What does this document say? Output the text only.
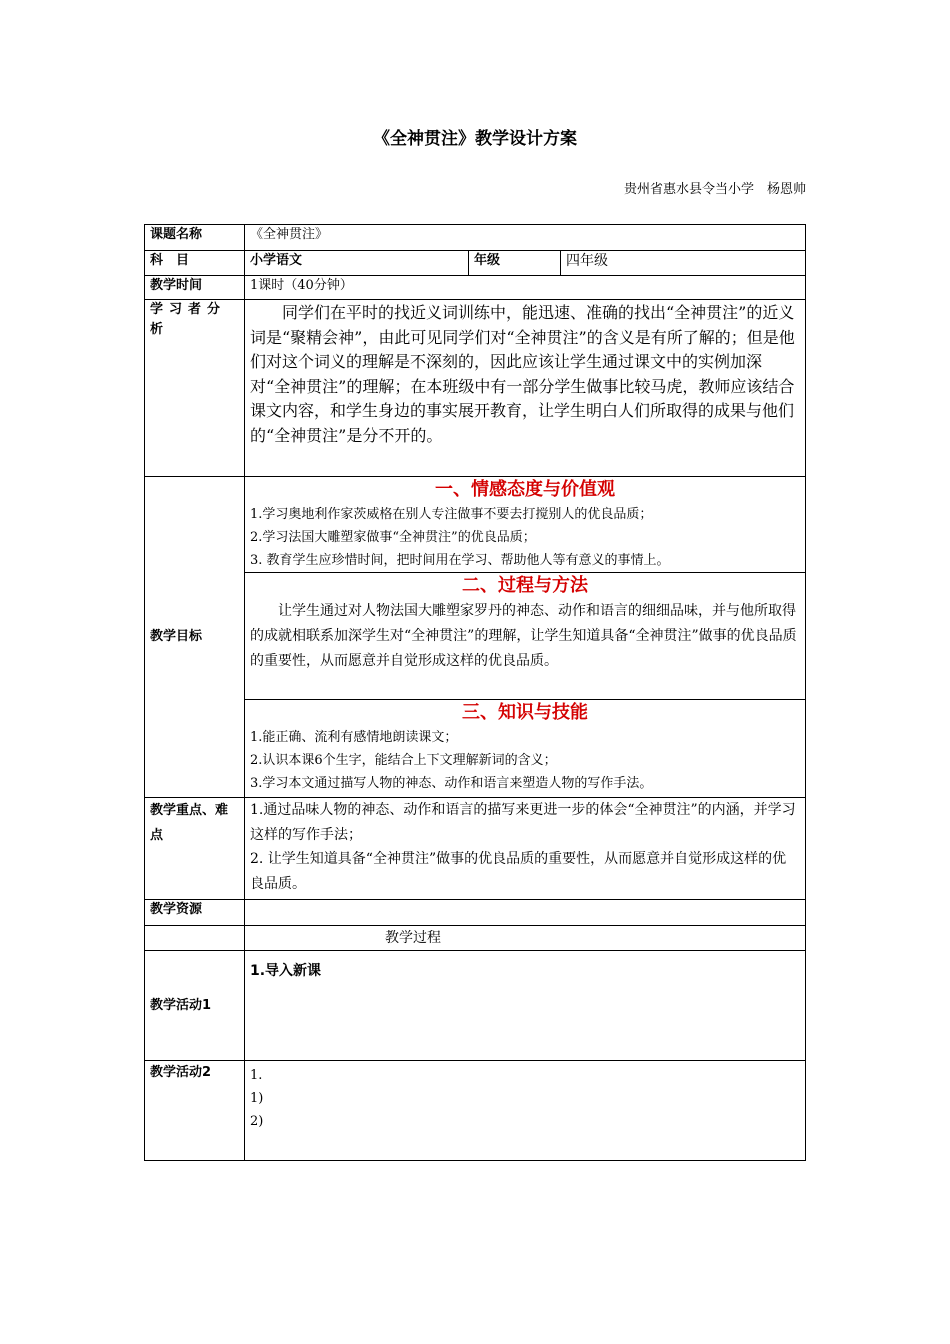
《全神贯注》教学设计方案
贵州省惠水县令当小学　杨恩帅
课题名称	《全神贯注》		
科　目	小学语文	年级	四年级
教学时间	1课时（40分钟）		
学习者分析	同学们在平时的找近义词训练中，能迅速、准确的找出“全神贯注”的近义词是“聚精会神”，由此可见同学们对“全神贯注”的含义是有所了解的；但是他们对这个词义的理解是不深刻的，因此应该让学生通过课文中的实例加深对“全神贯注”的理解；在本班级中有一部分学生做事比较马虎，教师应该结合课文内容，和学生身边的事实展开教育，让学生明白人们所取得的成果与他们的“全神贯注”是分不开的。		

教学目标	一、情感态度与价值观
1.学习奥地利作家茨威格在别人专注做事不要去打搅别人的优良品质；
2.学习法国大雕塑家做事“全神贯注”的优良品质；
3. 教育学生应珍惜时间，把时间用在学习、帮助他人等有意义的事情上。		

	二、过程与方法
让学生通过对人物法国大雕塑家罗丹的神态、动作和语言的细细品味，并与他所取得的成就相联系加深学生对“全神贯注”的理解，让学生知道具备“全神贯注”做事的优良品质的重要性，从而愿意并自觉形成这样的优良品质。		

	三、知识与技能
1.能正确、流利有感情地朗读课文；
2.认识本课6个生字，能结合上下文理解新词的含义；
3.学习本文通过描写人物的神态、动作和语言来塑造人物的写作手法。		

教学重点、难点	1.通过品味人物的神态、动作和语言的描写来更进一步的体会“全神贯注”的内涵，并学习这样的写作手法；
2. 让学生知道具备“全神贯注”做事的优良品质的重要性，从而愿意并自觉形成这样的优良品质。		

教学资源			
	教学过程		
教学活动1	1.导入新课		

教学活动2	1.
1)
2)		
